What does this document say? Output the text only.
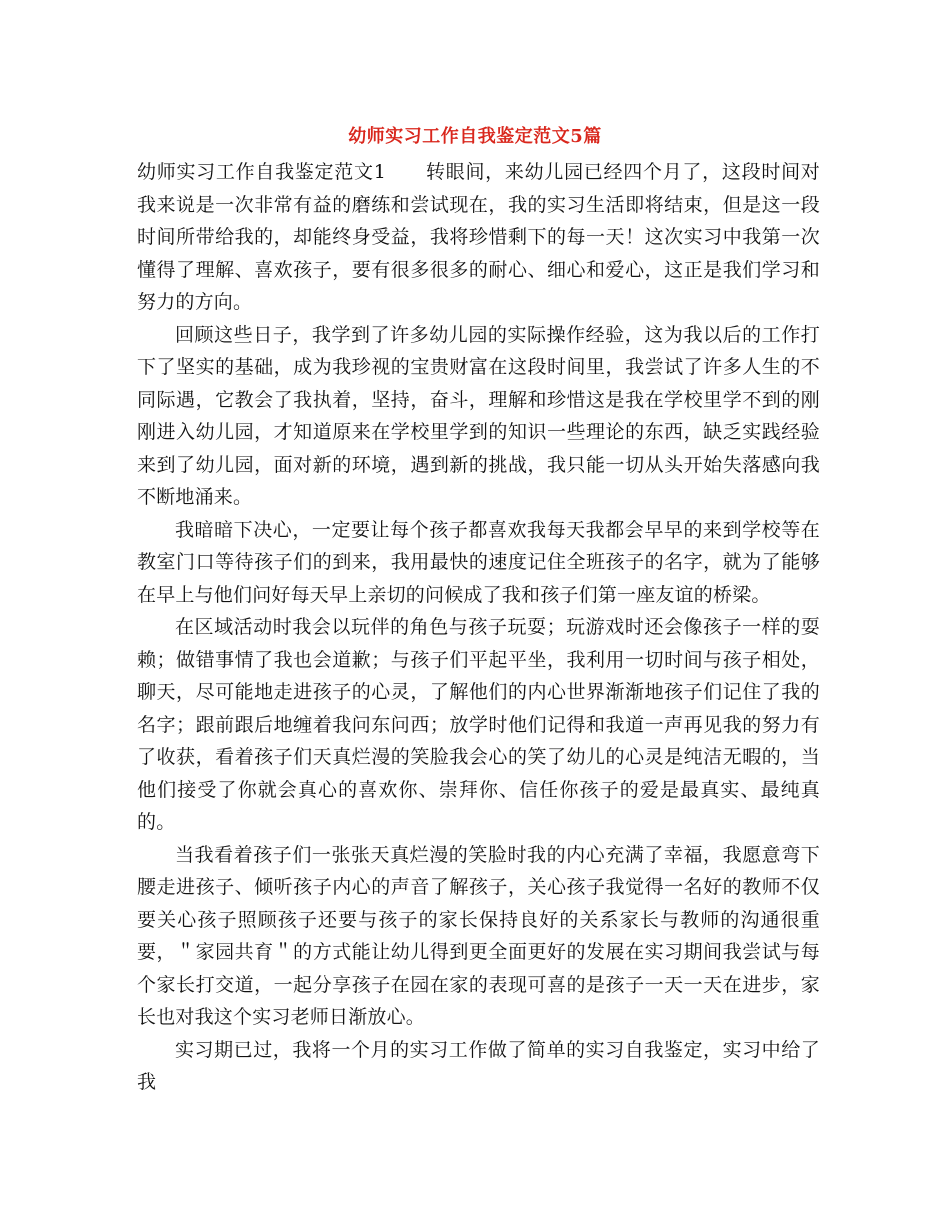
幼师实习工作自我鉴定范文5篇

幼师实习工作自我鉴定范文1　　转眼间，来幼儿园已经四个月了，这段时间对我来说是一次非常有益的磨练和尝试现在，我的实习生活即将结束，但是这一段时间所带给我的，却能终身受益，我将珍惜剩下的每一天！这次实习中我第一次懂得了理解、喜欢孩子，要有很多很多的耐心、细心和爱心，这正是我们学习和努力的方向。

回顾这些日子，我学到了许多幼儿园的实际操作经验，这为我以后的工作打下了坚实的基础，成为我珍视的宝贵财富在这段时间里，我尝试了许多人生的不同际遇，它教会了我执着，坚持，奋斗，理解和珍惜这是我在学校里学不到的刚刚进入幼儿园，才知道原来在学校里学到的知识一些理论的东西，缺乏实践经验来到了幼儿园，面对新的环境，遇到新的挑战，我只能一切从头开始失落感向我不断地涌来。

我暗暗下决心，一定要让每个孩子都喜欢我每天我都会早早的来到学校等在教室门口等待孩子们的到来，我用最快的速度记住全班孩子的名字，就为了能够在早上与他们问好每天早上亲切的问候成了我和孩子们第一座友谊的桥梁。

在区域活动时我会以玩伴的角色与孩子玩耍；玩游戏时还会像孩子一样的耍赖；做错事情了我也会道歉；与孩子们平起平坐，我利用一切时间与孩子相处，聊天，尽可能地走进孩子的心灵，了解他们的内心世界渐渐地孩子们记住了我的名字；跟前跟后地缠着我问东问西；放学时他们记得和我道一声再见我的努力有了收获，看着孩子们天真烂漫的笑脸我会心的笑了幼儿的心灵是纯洁无暇的，当他们接受了你就会真心的喜欢你、崇拜你、信任你孩子的爱是最真实、最纯真的。

当我看着孩子们一张张天真烂漫的笑脸时我的内心充满了幸福，我愿意弯下腰走进孩子、倾听孩子内心的声音了解孩子，关心孩子我觉得一名好的教师不仅要关心孩子照顾孩子还要与孩子的家长保持良好的关系家长与教师的沟通很重要，＂家园共育＂的方式能让幼儿得到更全面更好的发展在实习期间我尝试与每个家长打交道，一起分享孩子在园在家的表现可喜的是孩子一天一天在进步，家长也对我这个实习老师日渐放心。

实习期已过，我将一个月的实习工作做了简单的实习自我鉴定，实习中给了我
